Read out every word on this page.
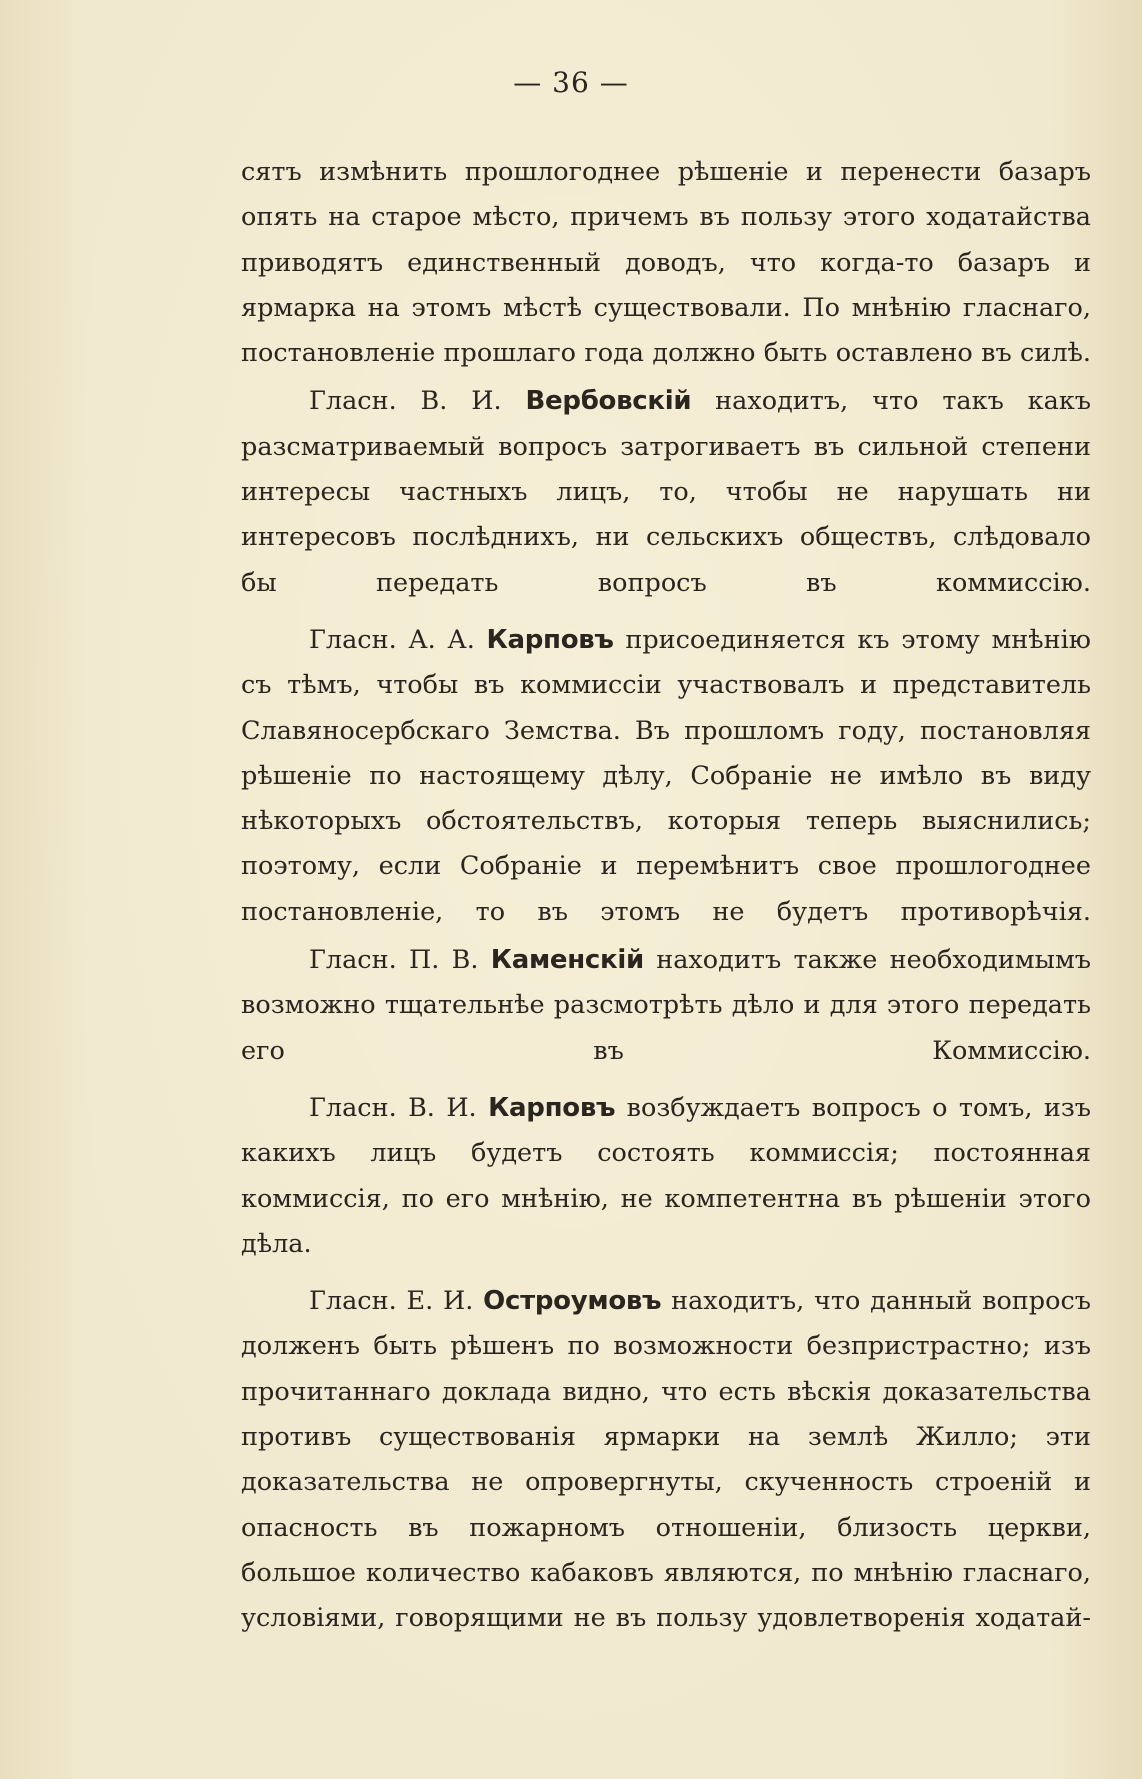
— 36 —

сятъ измѣнить прошлогоднее рѣшеніе и перенести базаръ опять на старое мѣсто, причемъ въ пользу этого ходатайства приводятъ единственный доводъ, что когда-то базаръ и ярмарка на этомъ мѣстѣ существовали. По мнѣнію гласнаго, постановленіе прошлаго года должно быть оставлено въ силѣ.

Гласн. В. И. Вербовскій находитъ, что такъ какъ разсматриваемый вопросъ затрогиваетъ въ сильной степени интересы частныхъ лицъ, то, чтобы не нарушать ни интересовъ послѣднихъ, ни сельскихъ обществъ, слѣдовало бы передать вопросъ въ коммиссію.

Гласн. А. А. Карповъ присоединяется къ этому мнѣнію съ тѣмъ, чтобы въ коммиссіи участвовалъ и представитель Славяносербскаго Земства. Въ прошломъ году, постановляя рѣшеніе по настоящему дѣлу, Собраніе не имѣло въ виду нѣкоторыхъ обстоятельствъ, которыя теперь выяснились; поэтому, если Собраніе и перемѣнитъ свое прошлогоднее постановленіе, то въ этомъ не будетъ противорѣчія.

Гласн. П. В. Каменскій находитъ также необходимымъ возможно тщательнѣе разсмотрѣть дѣло и для этого передать его въ Коммиссію.

Гласн. В. И. Карповъ возбуждаетъ вопросъ о томъ, изъ какихъ лицъ будетъ состоять коммиссія; постоянная коммиссія, по его мнѣнію, не компетентна въ рѣшеніи этого дѣла.

Гласн. Е. И. Остроумовъ находитъ, что данный вопросъ долженъ быть рѣшенъ по возможности безпристрастно; изъ прочитаннаго доклада видно, что есть вѣскія доказательства противъ существованія ярмарки на землѣ Жилло; эти доказательства не опровергнуты, скученность строеній и опасность въ пожарномъ отношеніи, близость церкви, большое количество кабаковъ являются, по мнѣнію гласнаго, условіями, говорящими не въ пользу удовлетворенія ходатай-
